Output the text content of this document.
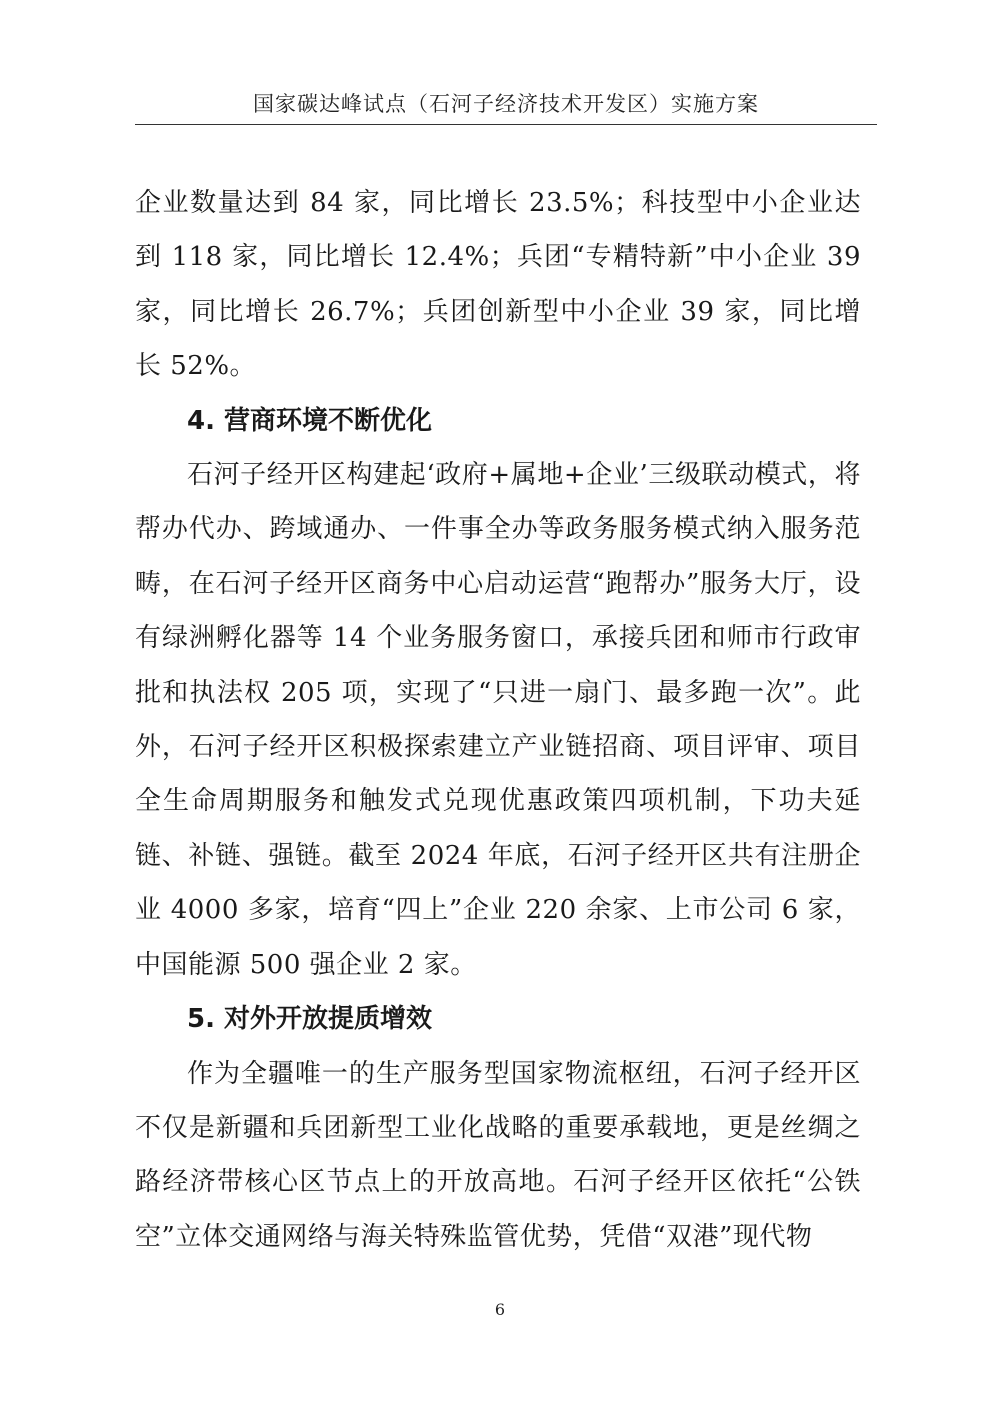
国家碳达峰试点（石河子经济技术开发区）实施方案

企业数量达到 84 家，同比增长 23.5%；科技型中小企业达到 118 家，同比增长 12.4%；兵团“专精特新”中小企业 39 家，同比增长 26.7%；兵团创新型中小企业 39 家，同比增长 52%。

4. 营商环境不断优化

石河子经开区构建起‘政府+属地+企业’三级联动模式，将帮办代办、跨域通办、一件事全办等政务服务模式纳入服务范畴，在石河子经开区商务中心启动运营“跑帮办”服务大厅，设有绿洲孵化器等 14 个业务服务窗口，承接兵团和师市行政审批和执法权 205 项，实现了“只进一扇门、最多跑一次”。此外，石河子经开区积极探索建立产业链招商、项目评审、项目全生命周期服务和触发式兑现优惠政策四项机制，下功夫延链、补链、强链。截至 2024 年底，石河子经开区共有注册企业 4000 多家，培育“四上”企业 220 余家、上市公司 6 家，中国能源 500 强企业 2 家。

5. 对外开放提质增效

作为全疆唯一的生产服务型国家物流枢纽，石河子经开区不仅是新疆和兵团新型工业化战略的重要承载地，更是丝绸之路经济带核心区节点上的开放高地。石河子经开区依托“公铁空”立体交通网络与海关特殊监管优势，凭借“双港”现代物

6
